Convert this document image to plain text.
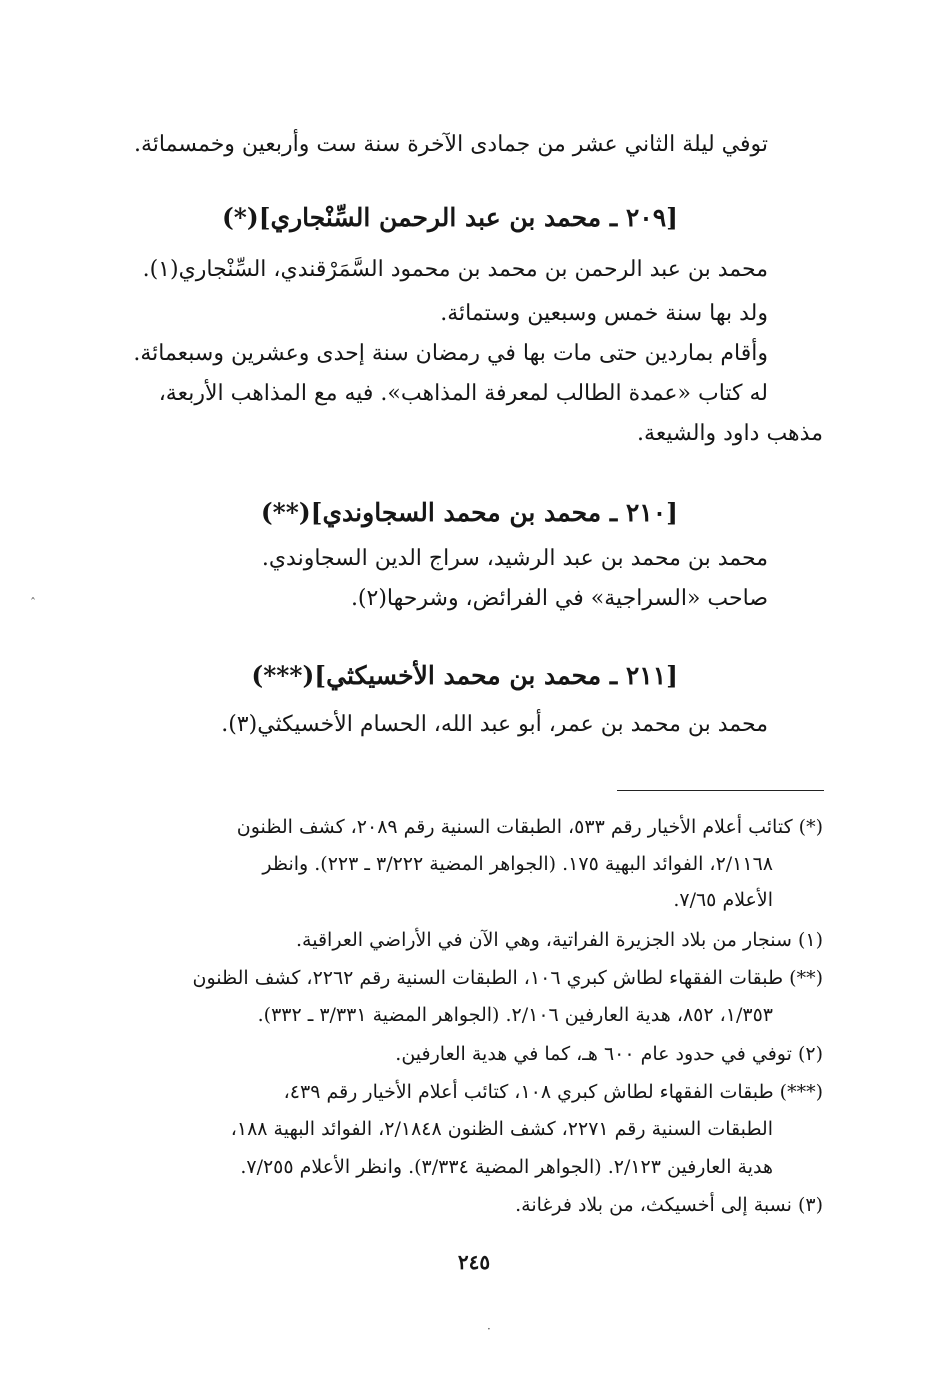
توفي ليلة الثاني عشر من جمادى الآخرة سنة ست وأربعين وخمسمائة.
[٢٠٩ ـ محمد بن عبد الرحمن السِّنْجاري](*)
محمد بن عبد الرحمن بن محمد بن محمود السَّمَرْقندي، السِّنْجاري(١).
ولد بها سنة خمس وسبعين وستمائة.
وأقام بماردين حتى مات بها في رمضان سنة إحدى وعشرين وسبعمائة.
له كتاب «عمدة الطالب لمعرفة المذاهب». فيه مع المذاهب الأربعة،
مذهب داود والشيعة.
[٢١٠ ـ محمد بن محمد السجاوندي](**)
محمد بن محمد بن عبد الرشيد، سراج الدين السجاوندي.
صاحب «السراجية» في الفرائض، وشرحها(٢).
[٢١١ ـ محمد بن محمد الأخسيكثي](***)
محمد بن محمد بن عمر، أبو عبد الله، الحسام الأخسيكثي(٣).
(*) كتائب أعلام الأخيار رقم ٥٣٣، الطبقات السنية رقم ٢٠٨٩، كشف الظنون
٢/١١٦٨، الفوائد البهية ١٧٥. (الجواهر المضية ٣/٢٢٢ ـ ٢٢٣). وانظر
الأعلام ٧/٦٥.
(١) سنجار من بلاد الجزيرة الفراتية، وهي الآن في الأراضي العراقية.
(**) طبقات الفقهاء لطاش كبري ١٠٦، الطبقات السنية رقم ٢٢٦٢، كشف الظنون
١/٣٥٣، ٨٥٢، هدية العارفين ٢/١٠٦. (الجواهر المضية ٣/٣٣١ ـ ٣٣٢).
(٢) توفي في حدود عام ٦٠٠ هـ، كما في هدية العارفين.
(***) طبقات الفقهاء لطاش كبري ١٠٨، كتائب أعلام الأخيار رقم ٤٣٩،
الطبقات السنية رقم ٢٢٧١، كشف الظنون ٢/١٨٤٨، الفوائد البهية ١٨٨،
هدية العارفين ٢/١٢٣. (الجواهر المضية ٣/٣٣٤). وانظر الأعلام ٧/٢٥٥.
(٣) نسبة إلى أخسيكث، من بلاد فرغانة.
٢٤٥
ˆ
·
